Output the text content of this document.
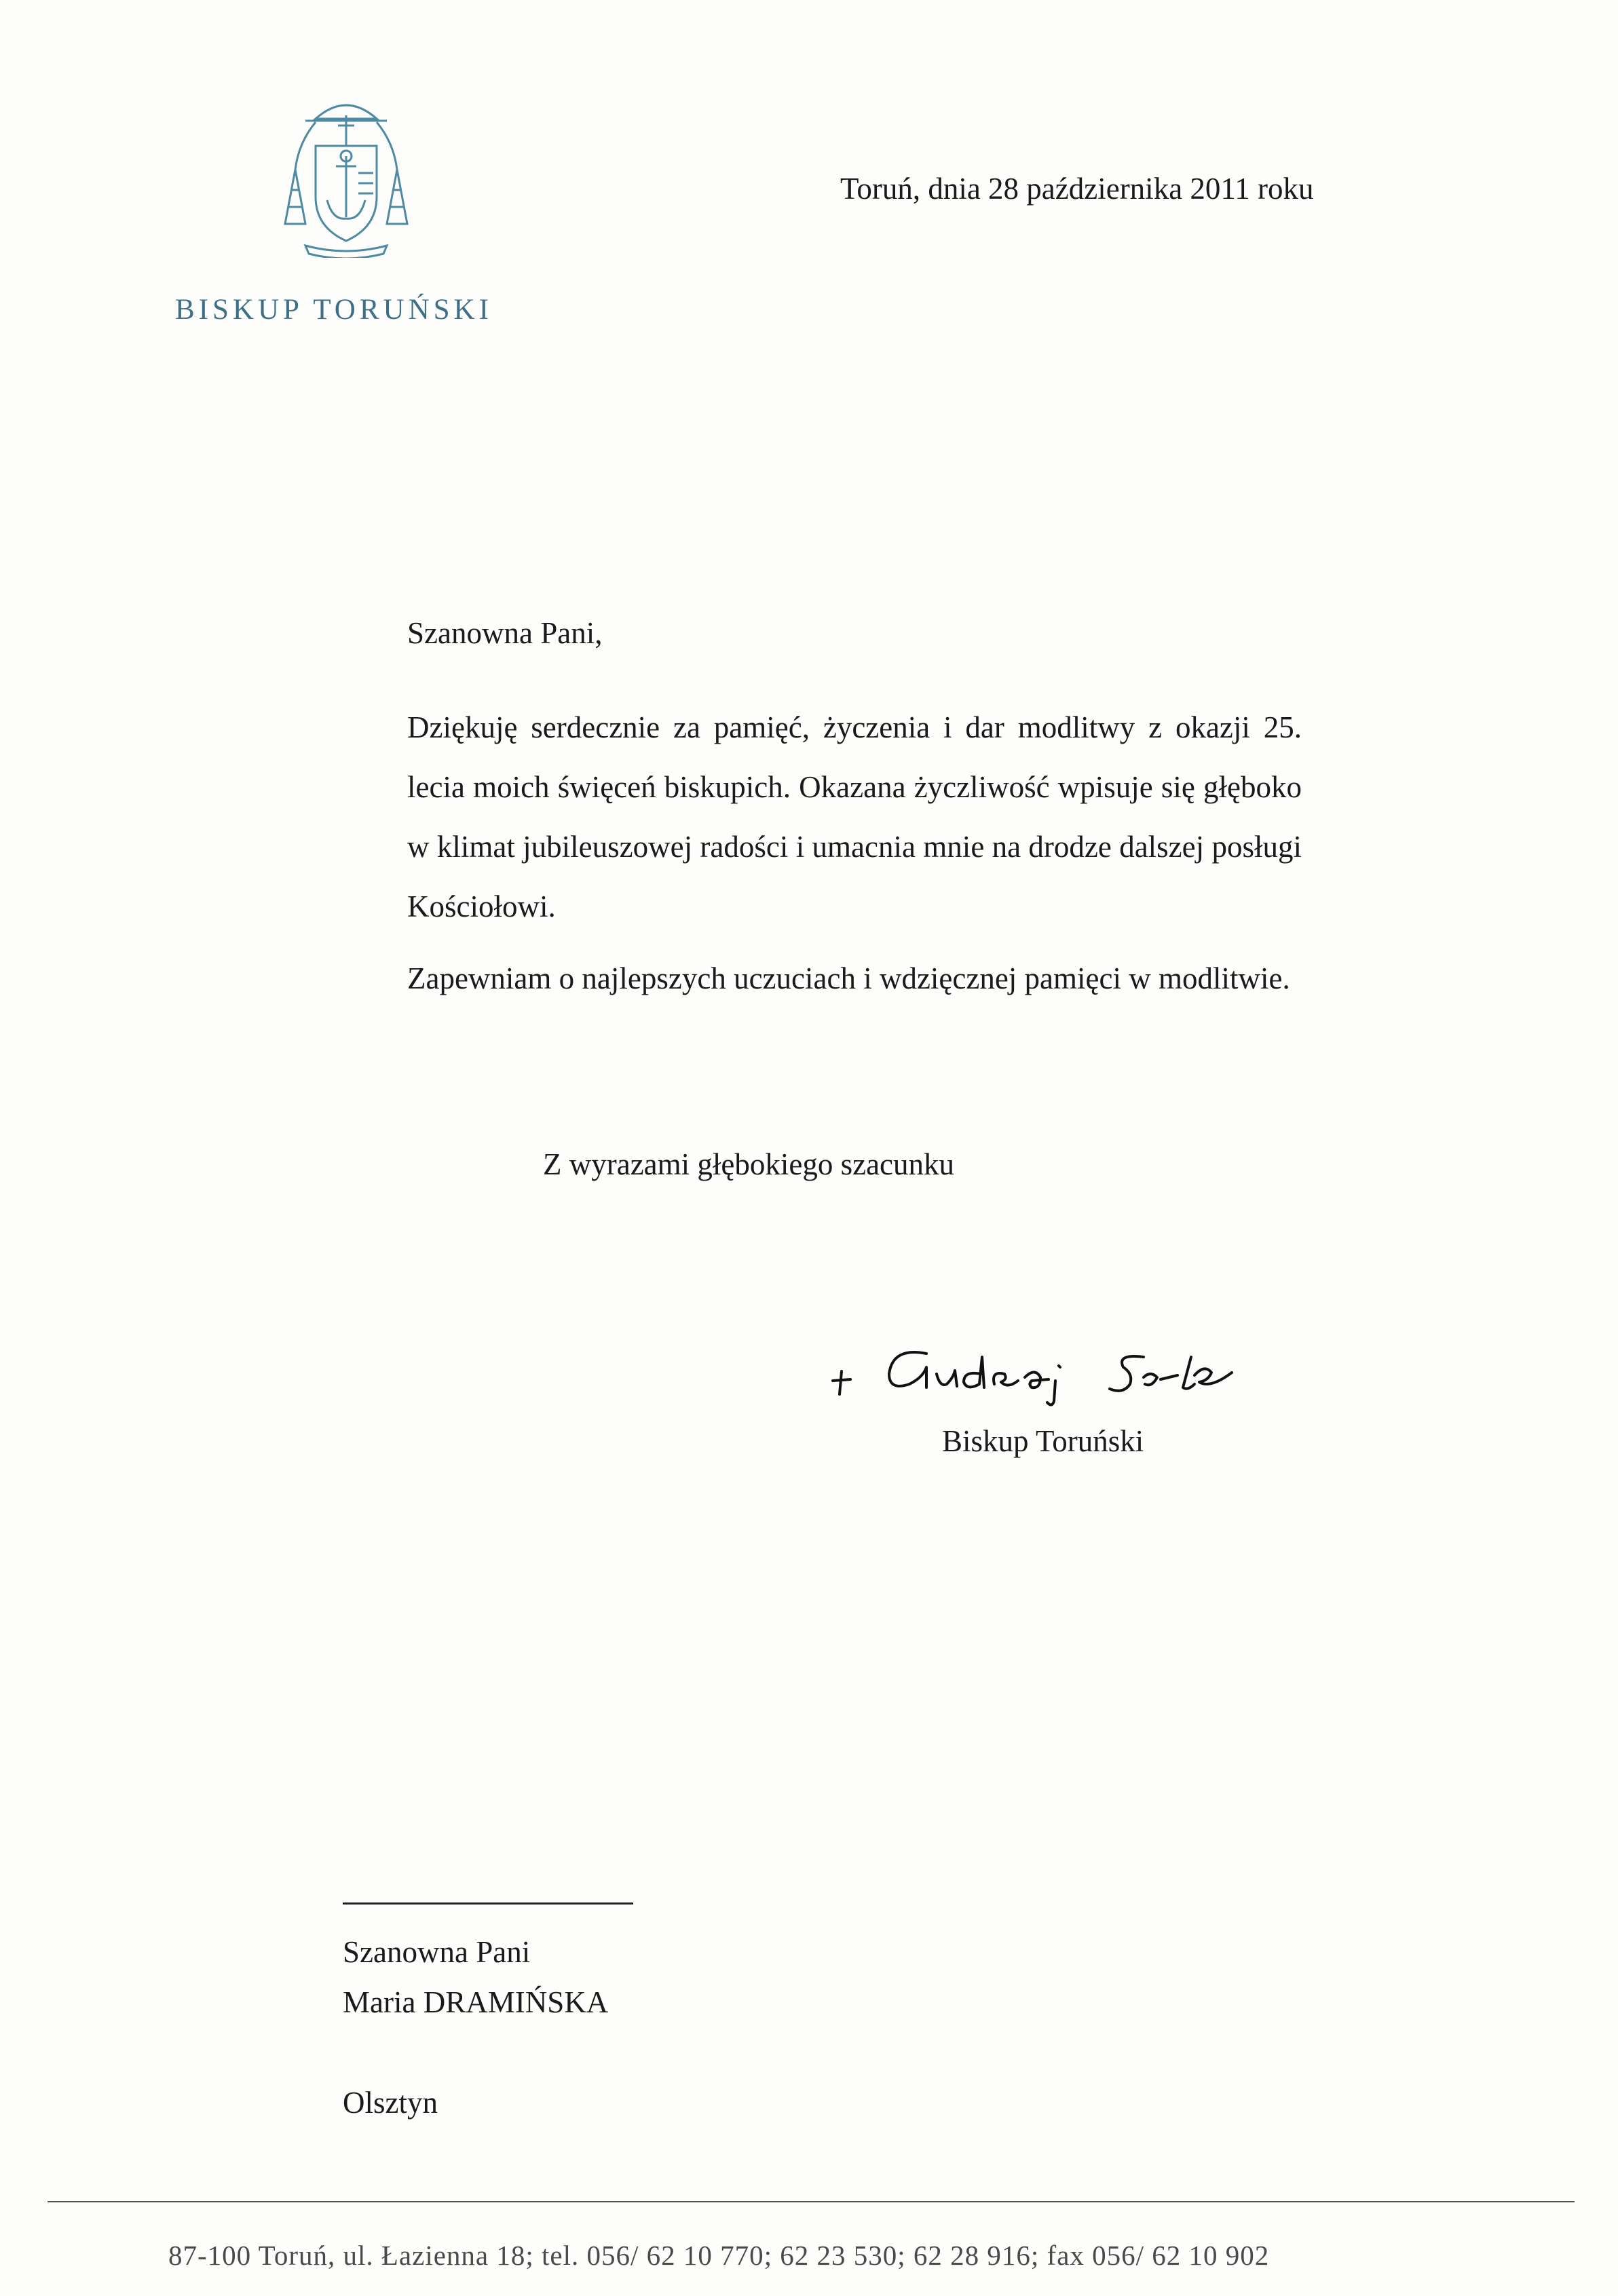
BISKUP TORUŃSKI
Toruń, dnia 28 października 2011 roku
Szanowna Pani,

Dziękuję serdecznie za pamięć, życzenia i dar modlitwy z okazji 25. lecia moich święceń biskupich. Okazana życzliwość wpisuje się głęboko w klimat jubileuszowej radości i umacnia mnie na drodze dalszej posługi Kościołowi.

Zapewniam o najlepszych uczuciach i wdzięcznej pamięci w modlitwie.

Z wyrazami głębokiego szacunku
Biskup Toruński
Szanowna Pani
Maria DRAMIŃSKA
Olsztyn
87-100 Toruń, ul. Łazienna 18; tel. 056/ 62 10 770; 62 23 530; 62 28 916; fax 056/ 62 10 902
